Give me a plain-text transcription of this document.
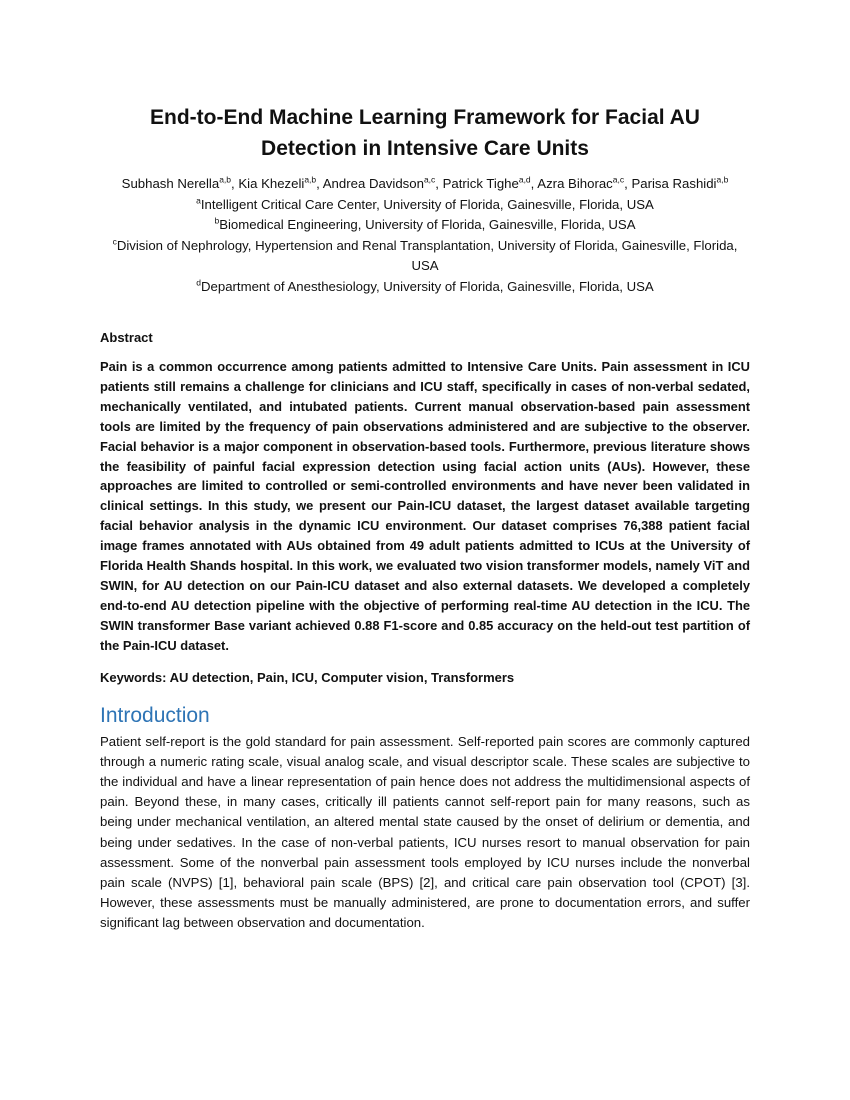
End-to-End Machine Learning Framework for Facial AU
Detection in Intensive Care Units
Subhash Nerella$^{a,b}$, Kia Khezeli$^{a,b}$, Andrea Davidson$^{a,c}$, Patrick Tighe$^{a,d}$, Azra Bihorac$^{a,c}$, Parisa Rashidi$^{a,b}$
$^a$Intelligent Critical Care Center, University of Florida, Gainesville, Florida, USA
$^b$Biomedical Engineering, University of Florida, Gainesville, Florida, USA
$^c$Division of Nephrology, Hypertension and Renal Transplantation, University of Florida, Gainesville, Florida, USA
$^d$Department of Anesthesiology, University of Florida, Gainesville, Florida, USA
Abstract

Pain is a common occurrence among patients admitted to Intensive Care Units. Pain assessment in ICU patients still remains a challenge for clinicians and ICU staff, specifically in cases of non-verbal sedated, mechanically ventilated, and intubated patients. Current manual observation-based pain assessment tools are limited by the frequency of pain observations administered and are subjective to the observer. Facial behavior is a major component in observation-based tools. Furthermore, previous literature shows the feasibility of painful facial expression detection using facial action units (AUs). However, these approaches are limited to controlled or semi-controlled environments and have never been validated in clinical settings. In this study, we present our Pain-ICU dataset, the largest dataset available targeting facial behavior analysis in the dynamic ICU environment. Our dataset comprises 76,388 patient facial image frames annotated with AUs obtained from 49 adult patients admitted to ICUs at the University of Florida Health Shands hospital. In this work, we evaluated two vision transformer models, namely ViT and SWIN, for AU detection on our Pain-ICU dataset and also external datasets. We developed a completely end-to-end AU detection pipeline with the objective of performing real-time AU detection in the ICU. The SWIN transformer Base variant achieved 0.88 F1-score and 0.85 accuracy on the held-out test partition of the Pain-ICU dataset.

Keywords: AU detection, Pain, ICU, Computer vision, Transformers
Introduction

Patient self-report is the gold standard for pain assessment. Self-reported pain scores are commonly captured through a numeric rating scale, visual analog scale, and visual descriptor scale. These scales are subjective to the individual and have a linear representation of pain hence does not address the multidimensional aspects of pain. Beyond these, in many cases, critically ill patients cannot self-report pain for many reasons, such as being under mechanical ventilation, an altered mental state caused by the onset of delirium or dementia, and being under sedatives. In the case of non-verbal patients, ICU nurses resort to manual observation for pain assessment. Some of the nonverbal pain assessment tools employed by ICU nurses include the nonverbal pain scale (NVPS) [1], behavioral pain scale (BPS) [2], and critical care pain observation tool (CPOT) [3]. However, these assessments must be manually administered, are prone to documentation errors, and suffer significant lag between observation and documentation.
